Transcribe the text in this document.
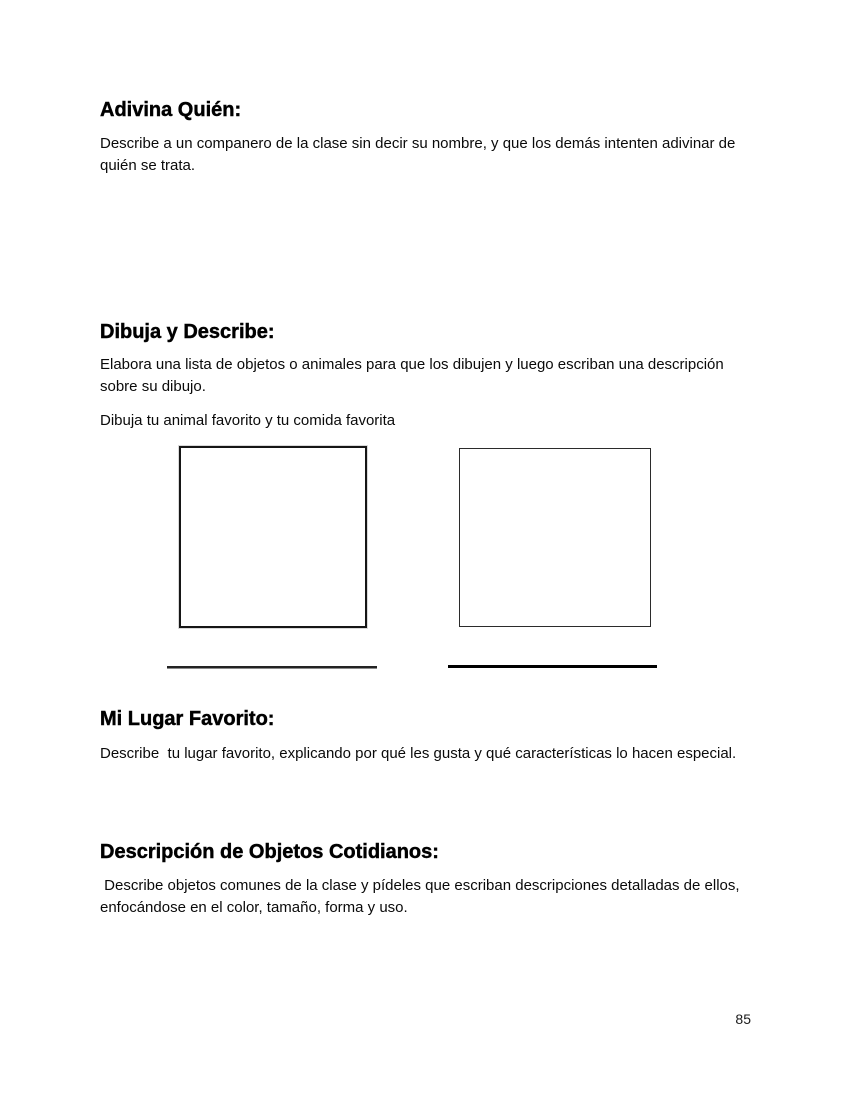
Adivina Quién:
Describe a un companero de la clase sin decir su nombre, y que los demás intenten adivinar de
quién se trata.
Dibuja y Describe:
Elabora una lista de objetos o animales para que los dibujen y luego escriban una descripción
sobre su dibujo.
Dibuja tu animal favorito y tu comida favorita
Mi Lugar Favorito:
Describe  tu lugar favorito, explicando por qué les gusta y qué características lo hacen especial.
Descripción de Objetos Cotidianos:
Describe objetos comunes de la clase y pídeles que escriban descripciones detalladas de ellos,
enfocándose en el color, tamaño, forma y uso.
85
